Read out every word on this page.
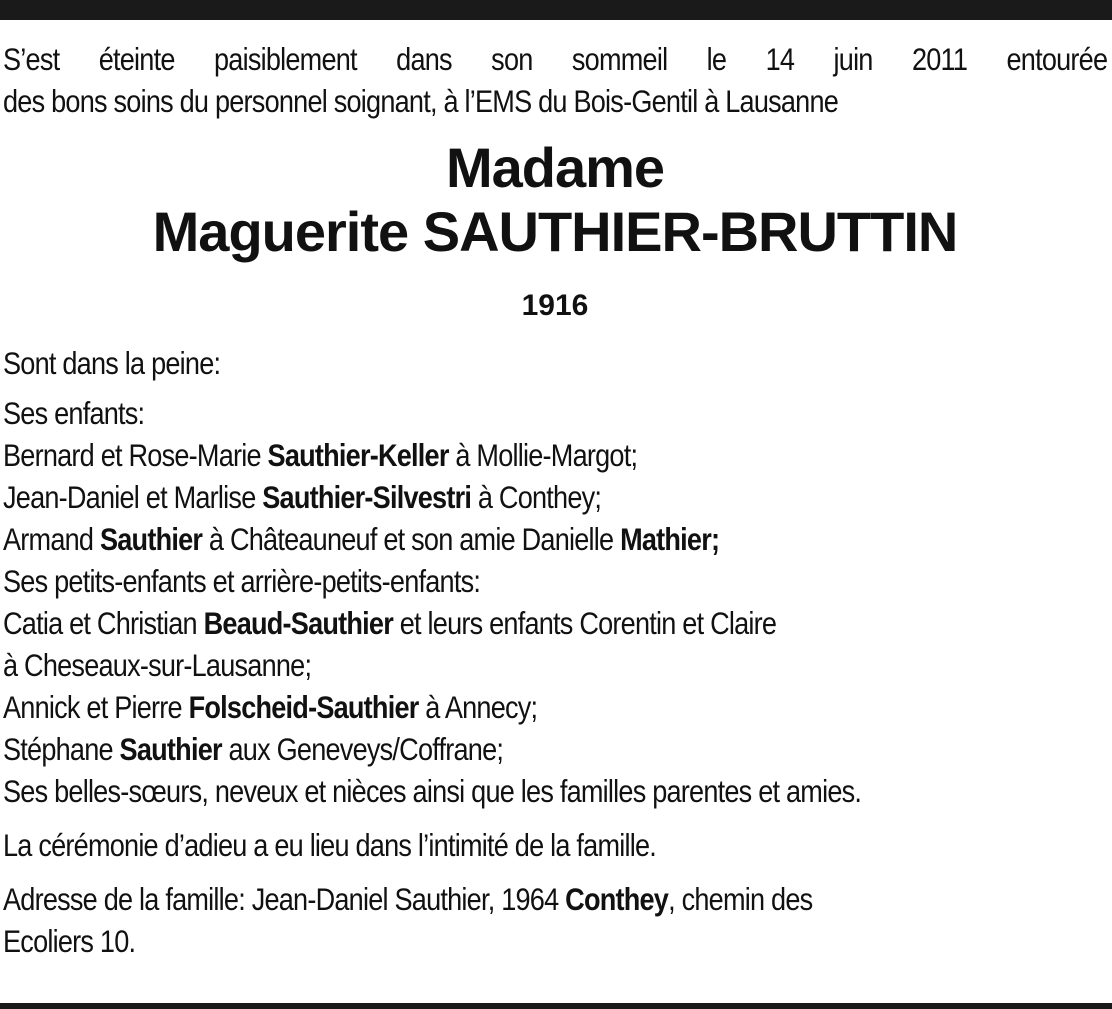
S’est éteinte paisiblement dans son sommeil le 14 juin 2011 entourée
des bons soins du personnel soignant, à l’EMS du Bois-Gentil à Lausanne

Madame

Maguerite SAUTHIER-BRUTTIN

1916

Sont dans la peine:
Ses enfants:
Bernard et Rose-Marie Sauthier-Keller à Mollie-Margot;
Jean-Daniel et Marlise Sauthier-Silvestri à Conthey;
Armand Sauthier à Châteauneuf et son amie Danielle Mathier;
Ses petits-enfants et arrière-petits-enfants:
Catia et Christian Beaud-Sauthier et leurs enfants Corentin et Claire
à Cheseaux-sur-Lausanne;
Annick et Pierre Folscheid-Sauthier à Annecy;
Stéphane Sauthier aux Geneveys/Coffrane;
Ses belles-sœurs, neveux et nièces ainsi que les familles parentes et amies.
La cérémonie d’adieu a eu lieu dans l’intimité de la famille.
Adresse de la famille: Jean-Daniel Sauthier, 1964 Conthey, chemin des
Ecoliers 10.
